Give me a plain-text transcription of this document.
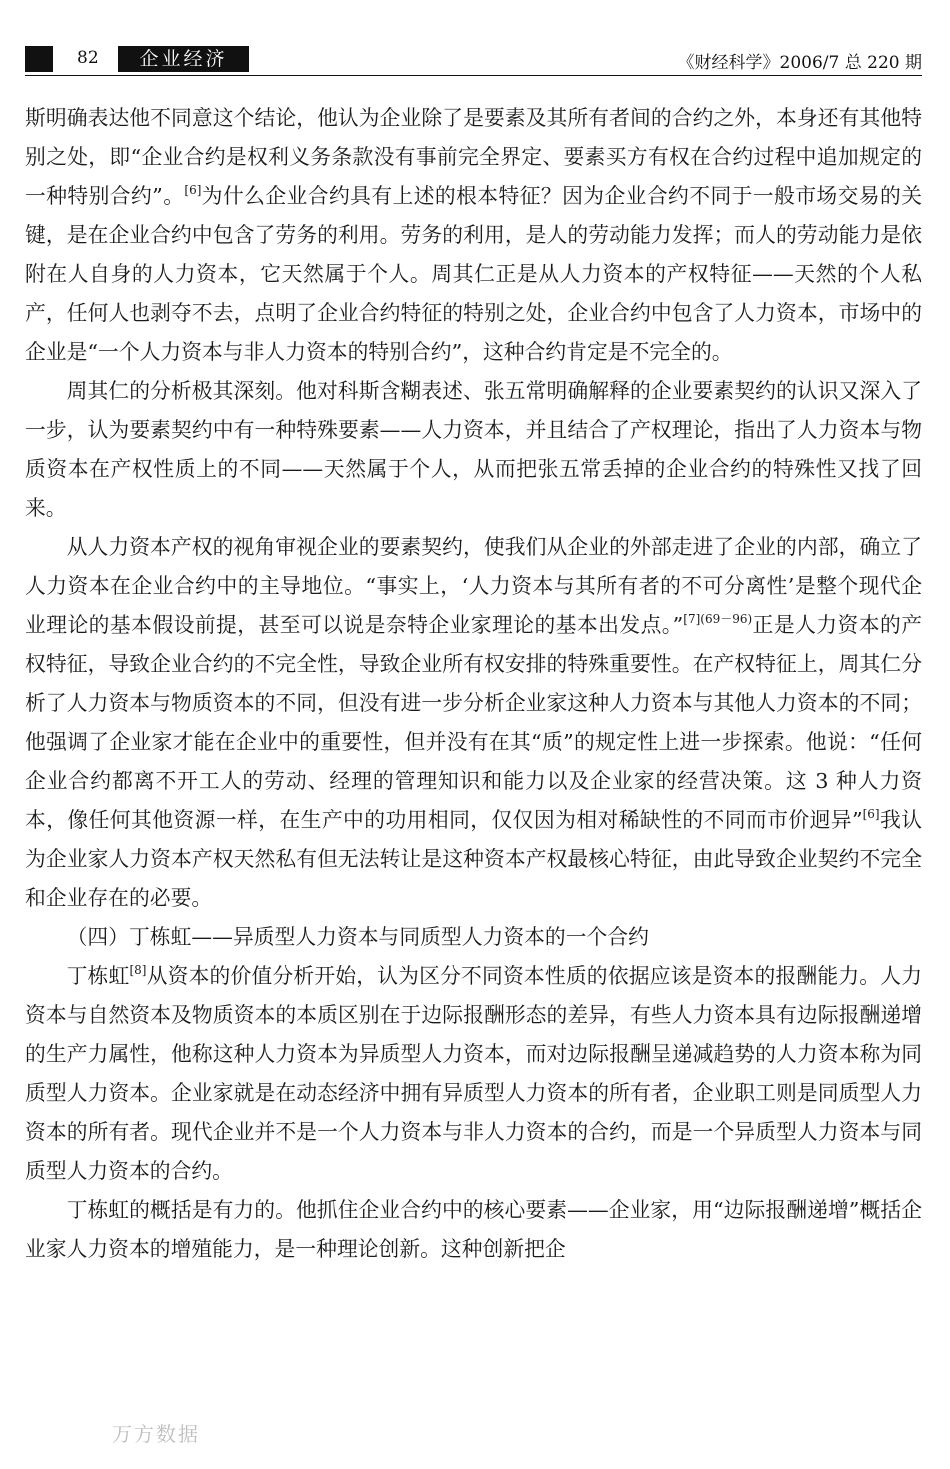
82	企业经济	《财经科学》2006/7 总 220 期

斯明确表达他不同意这个结论，他认为企业除了是要素及其所有者间的合约之外，本身还有其他特别之处，即“企业合约是权利义务条款没有事前完全界定、要素买方有权在合约过程中追加规定的一种特别合约”。[6]为什么企业合约具有上述的根本特征？因为企业合约不同于一般市场交易的关键，是在企业合约中包含了劳务的利用。劳务的利用，是人的劳动能力发挥；而人的劳动能力是依附在人自身的人力资本，它天然属于个人。周其仁正是从人力资本的产权特征——天然的个人私产，任何人也剥夺不去，点明了企业合约特征的特别之处，企业合约中包含了人力资本，市场中的企业是“一个人力资本与非人力资本的特别合约”，这种合约肯定是不完全的。

周其仁的分析极其深刻。他对科斯含糊表述、张五常明确解释的企业要素契约的认识又深入了一步，认为要素契约中有一种特殊要素——人力资本，并且结合了产权理论，指出了人力资本与物质资本在产权性质上的不同——天然属于个人，从而把张五常丢掉的企业合约的特殊性又找了回来。

从人力资本产权的视角审视企业的要素契约，使我们从企业的外部走进了企业的内部，确立了人力资本在企业合约中的主导地位。“事实上，‘人力资本与其所有者的不可分离性’是整个现代企业理论的基本假设前提，甚至可以说是奈特企业家理论的基本出发点。”$^{[7](69-96)}$正是人力资本的产权特征，导致企业合约的不完全性，导致企业所有权安排的特殊重要性。在产权特征上，周其仁分析了人力资本与物质资本的不同，但没有进一步分析企业家这种人力资本与其他人力资本的不同；他强调了企业家才能在企业中的重要性，但并没有在其“质”的规定性上进一步探索。他说：“任何企业合约都离不开工人的劳动、经理的管理知识和能力以及企业家的经营决策。这 3 种人力资本，像任何其他资源一样，在生产中的功用相同，仅仅因为相对稀缺性的不同而市价迥异”[6]我认为企业家人力资本产权天然私有但无法转让是这种资本产权最核心特征，由此导致企业契约不完全和企业存在的必要。

（四）丁栋虹——异质型人力资本与同质型人力资本的一个合约

丁栋虹[8]从资本的价值分析开始，认为区分不同资本性质的依据应该是资本的报酬能力。人力资本与自然资本及物质资本的本质区别在于边际报酬形态的差异，有些人力资本具有边际报酬递增的生产力属性，他称这种人力资本为异质型人力资本，而对边际报酬呈递减趋势的人力资本称为同质型人力资本。企业家就是在动态经济中拥有异质型人力资本的所有者，企业职工则是同质型人力资本的所有者。现代企业并不是一个人力资本与非人力资本的合约，而是一个异质型人力资本与同质型人力资本的合约。

丁栋虹的概括是有力的。他抓住企业合约中的核心要素——企业家，用“边际报酬递增”概括企业家人力资本的增殖能力，是一种理论创新。这种创新把企

万方数据
